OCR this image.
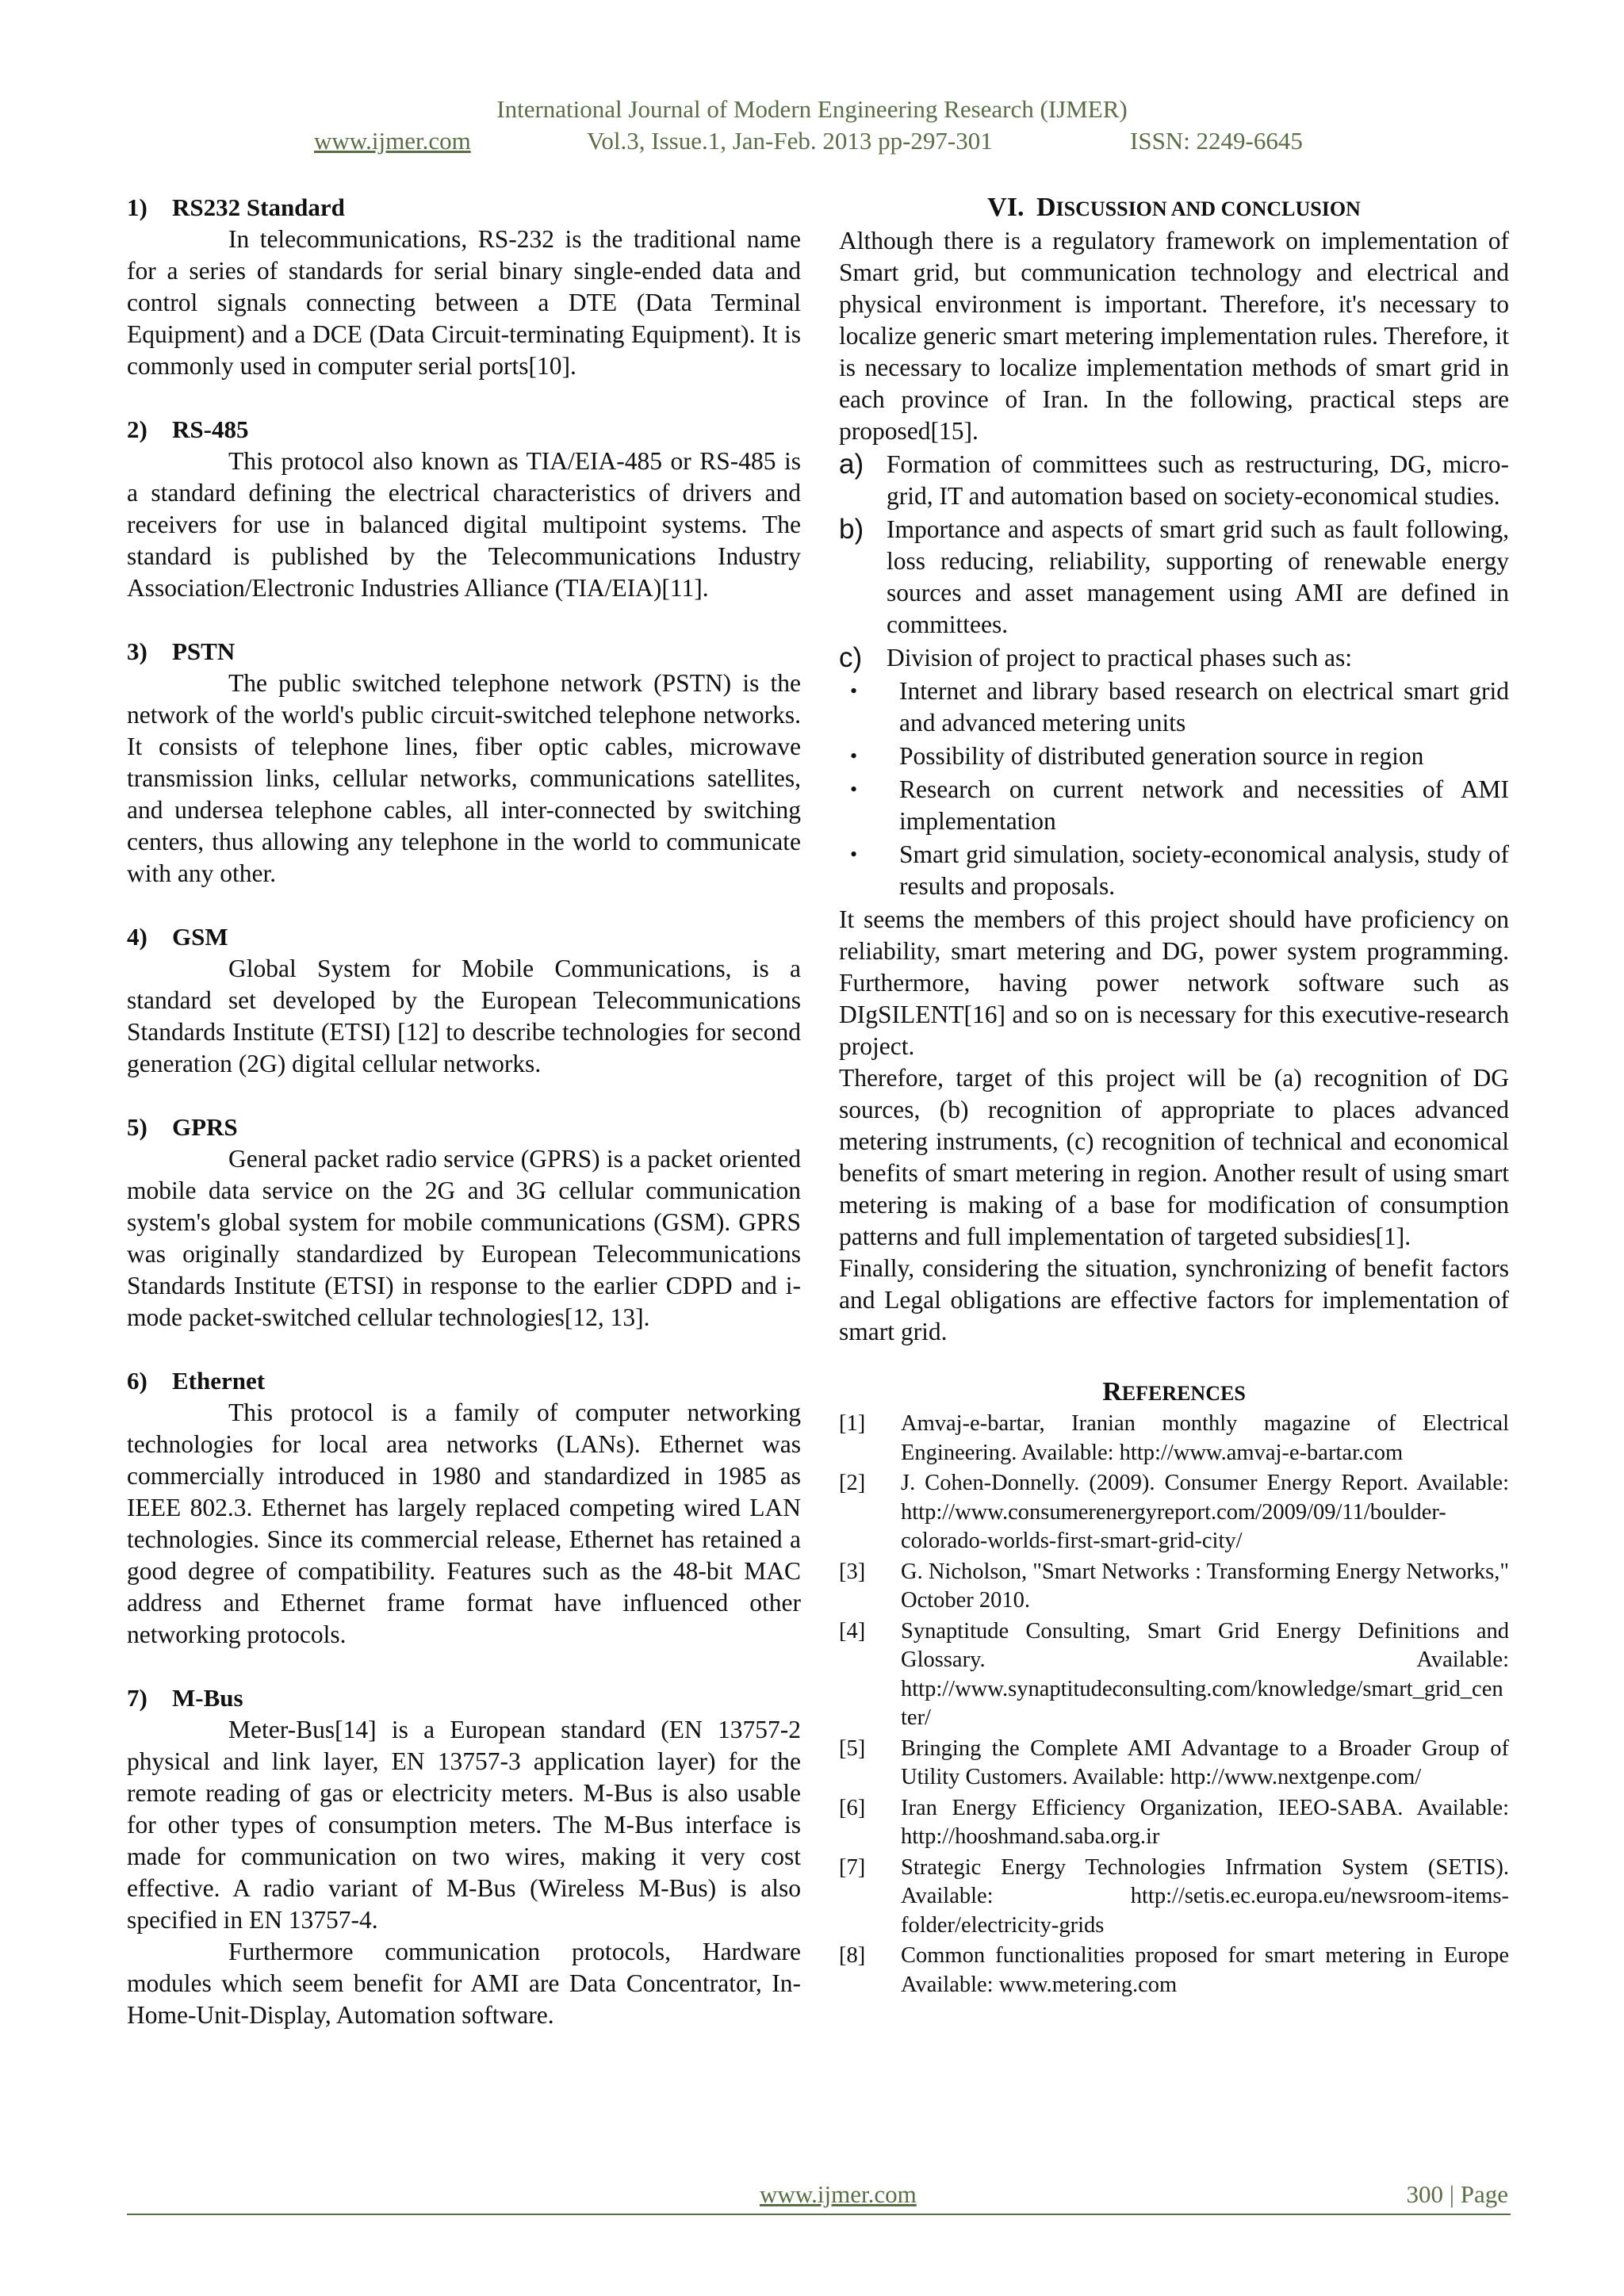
International Journal of Modern Engineering Research (IJMER)
www.ijmer.com	Vol.3, Issue.1, Jan-Feb. 2013 pp-297-301	ISSN: 2249-6645

1) RS232 Standard

In telecommunications, RS-232 is the traditional name for a series of standards for serial binary single-ended data and control signals connecting between a DTE (Data Terminal Equipment) and a DCE (Data Circuit-terminating Equipment). It is commonly used in computer serial ports[10].

2) RS-485

This protocol also known as TIA/EIA-485 or RS-485 is a standard defining the electrical characteristics of drivers and receivers for use in balanced digital multipoint systems. The standard is published by the Telecommunications Industry Association/Electronic Industries Alliance (TIA/EIA)[11].

3) PSTN

The public switched telephone network (PSTN) is the network of the world's public circuit-switched telephone networks. It consists of telephone lines, fiber optic cables, microwave transmission links, cellular networks, communications satellites, and undersea telephone cables, all inter-connected by switching centers, thus allowing any telephone in the world to communicate with any other.

4) GSM

Global System for Mobile Communications, is a standard set developed by the European Telecommunications Standards Institute (ETSI) [12] to describe technologies for second generation (2G) digital cellular networks.

5) GPRS

General packet radio service (GPRS) is a packet oriented mobile data service on the 2G and 3G cellular communication system's global system for mobile communications (GSM). GPRS was originally standardized by European Telecommunications Standards Institute (ETSI) in response to the earlier CDPD and i-mode packet-switched cellular technologies[12, 13].

6) Ethernet

This protocol is a family of computer networking technologies for local area networks (LANs). Ethernet was commercially introduced in 1980 and standardized in 1985 as IEEE 802.3. Ethernet has largely replaced competing wired LAN technologies. Since its commercial release, Ethernet has retained a good degree of compatibility. Features such as the 48-bit MAC address and Ethernet frame format have influenced other networking protocols.

7) M-Bus

Meter-Bus[14] is a European standard (EN 13757-2 physical and link layer, EN 13757-3 application layer) for the remote reading of gas or electricity meters. M-Bus is also usable for other types of consumption meters. The M-Bus interface is made for communication on two wires, making it very cost effective. A radio variant of M-Bus (Wireless M-Bus) is also specified in EN 13757-4.

Furthermore communication protocols, Hardware modules which seem benefit for AMI are Data Concentrator, In-Home-Unit-Display, Automation software.

VI. DISCUSSION AND CONCLUSION

Although there is a regulatory framework on implementation of Smart grid, but communication technology and electrical and physical environment is important. Therefore, it's necessary to localize generic smart metering implementation rules. Therefore, it is necessary to localize implementation methods of smart grid in each province of Iran. In the following, practical steps are proposed[15].

a) Formation of committees such as restructuring, DG, micro-grid, IT and automation based on society-economical studies.
b) Importance and aspects of smart grid such as fault following, loss reducing, reliability, supporting of renewable energy sources and asset management using AMI are defined in committees.
c) Division of project to practical phases such as:
•	Internet and library based research on electrical smart grid and advanced metering units
•	Possibility of distributed generation source in region
•	Research on current network and necessities of AMI implementation
•	Smart grid simulation, society-economical analysis, study of results and proposals.

It seems the members of this project should have proficiency on reliability, smart metering and DG, power system programming. Furthermore, having power network software such as DIgSILENT[16] and so on is necessary for this executive-research project.

Therefore, target of this project will be (a) recognition of DG sources, (b) recognition of appropriate to places advanced metering instruments, (c) recognition of technical and economical benefits of smart metering in region. Another result of using smart metering is making of a base for modification of consumption patterns and full implementation of targeted subsidies[1].

Finally, considering the situation, synchronizing of benefit factors and Legal obligations are effective factors for implementation of smart grid.

REFERENCES

[1]	Amvaj-e-bartar, Iranian monthly magazine of Electrical Engineering. Available: http://www.amvaj-e-bartar.com
[2]	J. Cohen-Donnelly. (2009). Consumer Energy Report. Available: http://www.consumerenergyreport.com/2009/09/11/boulder-colorado-worlds-first-smart-grid-city/
[3]	G. Nicholson, "Smart Networks : Transforming Energy Networks," October 2010.
[4]	Synaptitude Consulting, Smart Grid Energy Definitions and Glossary. Available: http://www.synaptitudeconsulting.com/knowledge/smart_grid_center/
[5]	Bringing the Complete AMI Advantage to a Broader Group of Utility Customers. Available: http://www.nextgenpe.com/
[6]	Iran Energy Efficiency Organization, IEEO-SABA. Available: http://hooshmand.saba.org.ir
[7]	Strategic Energy Technologies Infrmation System (SETIS). Available: http://setis.ec.europa.eu/newsroom-items-folder/electricity-grids
[8]	Common functionalities proposed for smart metering in Europe Available: www.metering.com
www.ijmer.com	300 | Page
